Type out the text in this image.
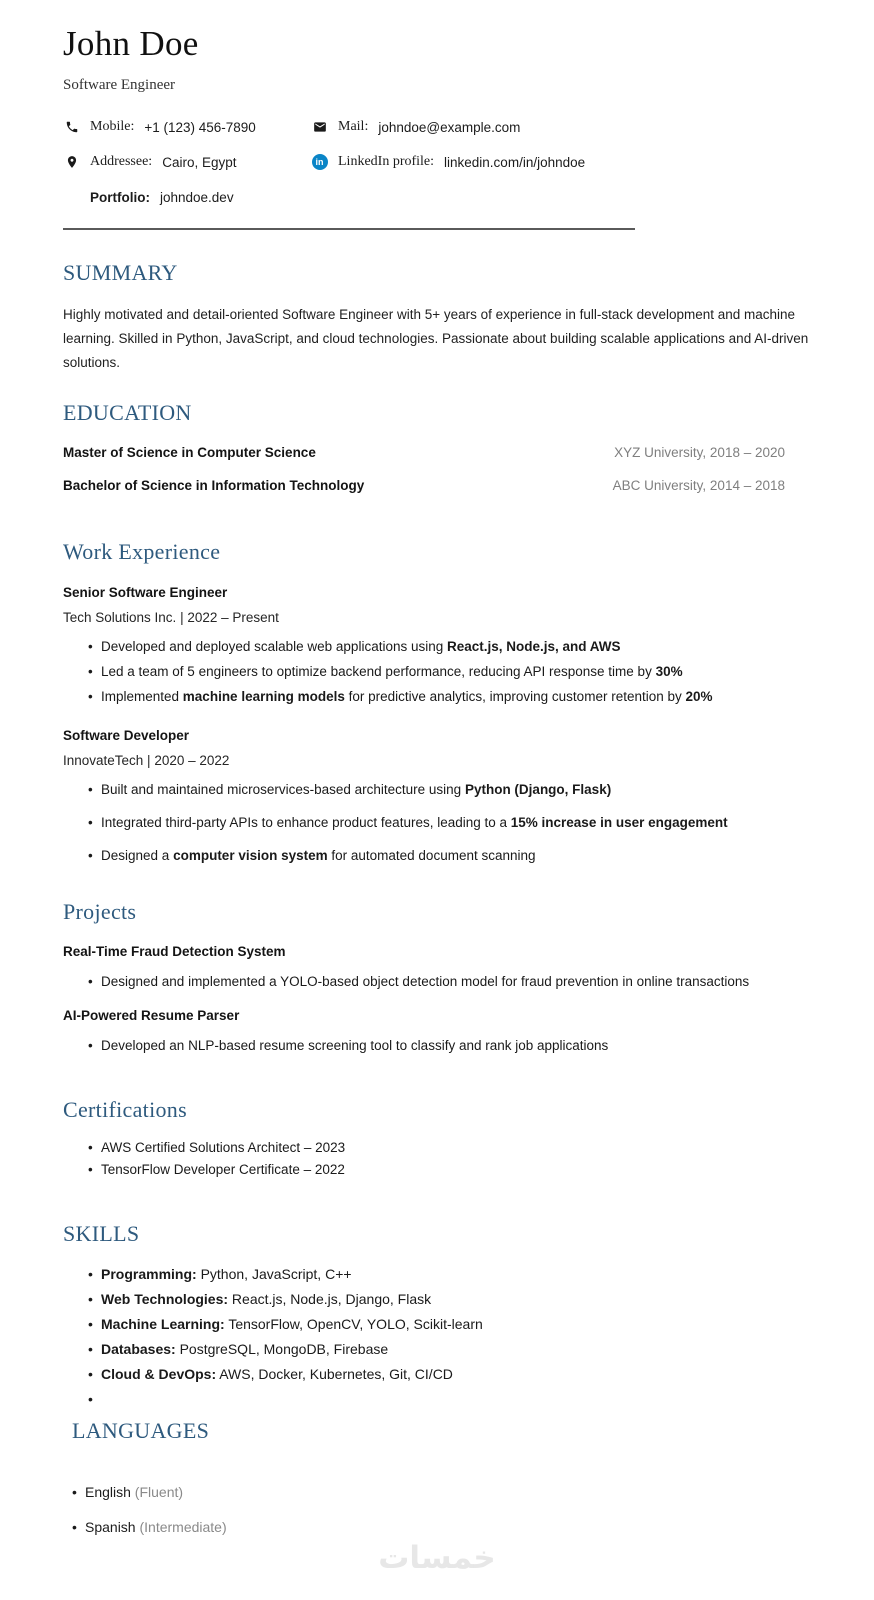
John Doe
Software Engineer
Mobile: +1 (123) 456-7890	Mail: johndoe@example.com
Addressee: Cairo, Egypt	in LinkedIn profile: linkedin.com/in/johndoe
Portfolio: johndoe.dev
SUMMARY

Highly motivated and detail-oriented Software Engineer with 5+ years of experience in full-stack development and machine learning. Skilled in Python, JavaScript, and cloud technologies. Passionate about building scalable applications and AI-driven solutions.

EDUCATION
Master of Science in Computer Science	XYZ University, 2018 – 2020
Bachelor of Science in Information Technology	ABC University, 2014 – 2018
Work Experience
Senior Software Engineer
Tech Solutions Inc. | 2022 – Present
• Developed and deployed scalable web applications using React.js, Node.js, and AWS
• Led a team of 5 engineers to optimize backend performance, reducing API response time by 30%
• Implemented machine learning models for predictive analytics, improving customer retention by 20%
Software Developer
InnovateTech | 2020 – 2022
• Built and maintained microservices-based architecture using Python (Django, Flask)
• Integrated third-party APIs to enhance product features, leading to a 15% increase in user engagement
• Designed a computer vision system for automated document scanning
Projects
Real-Time Fraud Detection System
• Designed and implemented a YOLO-based object detection model for fraud prevention in online transactions
AI-Powered Resume Parser
• Developed an NLP-based resume screening tool to classify and rank job applications
Certifications
• AWS Certified Solutions Architect – 2023
• TensorFlow Developer Certificate – 2022
SKILLS
• Programming: Python, JavaScript, C++
• Web Technologies: React.js, Node.js, Django, Flask
• Machine Learning: TensorFlow, OpenCV, YOLO, Scikit-learn
• Databases: PostgreSQL, MongoDB, Firebase
• Cloud & DevOps: AWS, Docker, Kubernetes, Git, CI/CD
LANGUAGES
• English (Fluent)
• Spanish (Intermediate)
خمسات
